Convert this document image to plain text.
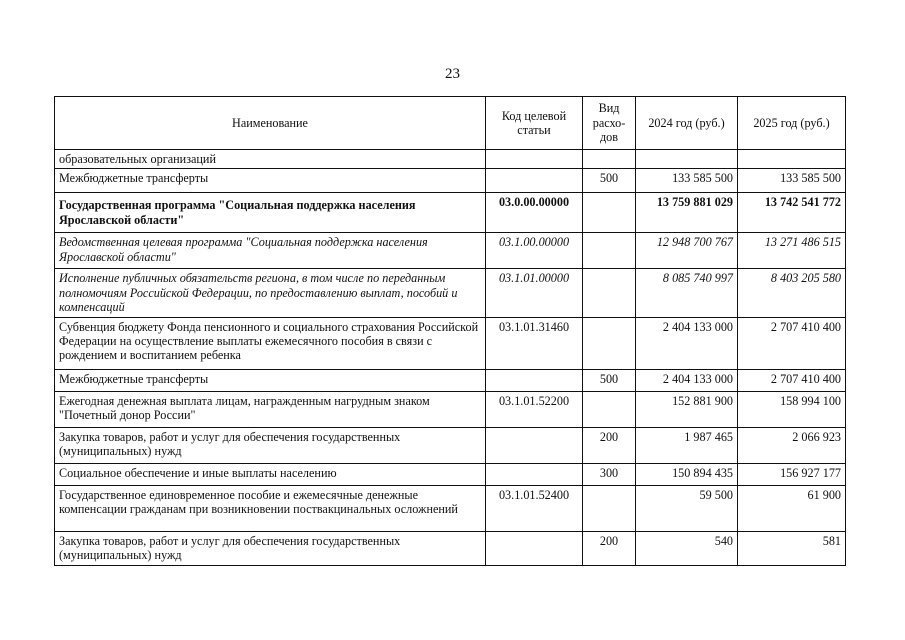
23
Наименование	Код целевой статьи	Вид расхо-дов	2024 год (руб.)	2025 год (руб.)
образовательных организаций				
Межбюджетные трансферты		500	133 585 500	133 585 500
Государственная программа "Социальная поддержка населения Ярославской области"	03.0.00.00000		13 759 881 029	13 742 541 772
Ведомственная целевая программа "Социальная поддержка населения Ярославской области"	03.1.00.00000		12 948 700 767	13 271 486 515
Исполнение публичных обязательств региона, в том числе по переданным полномочиям Российской Федерации, по предоставлению выплат, пособий и компенсаций	03.1.01.00000		8 085 740 997	8 403 205 580
Субвенция бюджету Фонда пенсионного и социального страхования Российской Федерации на осуществление выплаты ежемесячного пособия в связи с рождением и воспитанием ребенка	03.1.01.31460		2 404 133 000	2 707 410 400
Межбюджетные трансферты		500	2 404 133 000	2 707 410 400
Ежегодная денежная выплата лицам, награжденным нагрудным знаком "Почетный донор России"	03.1.01.52200		152 881 900	158 994 100
Закупка товаров, работ и услуг для обеспечения государственных (муниципальных) нужд		200	1 987 465	2 066 923
Социальное обеспечение и иные выплаты населению		300	150 894 435	156 927 177
Государственное единовременное пособие и ежемесячные денежные компенсации гражданам при возникновении поствакцинальных осложнений	03.1.01.52400		59 500	61 900
Закупка товаров, работ и услуг для обеспечения государственных (муниципальных) нужд		200	540	581
